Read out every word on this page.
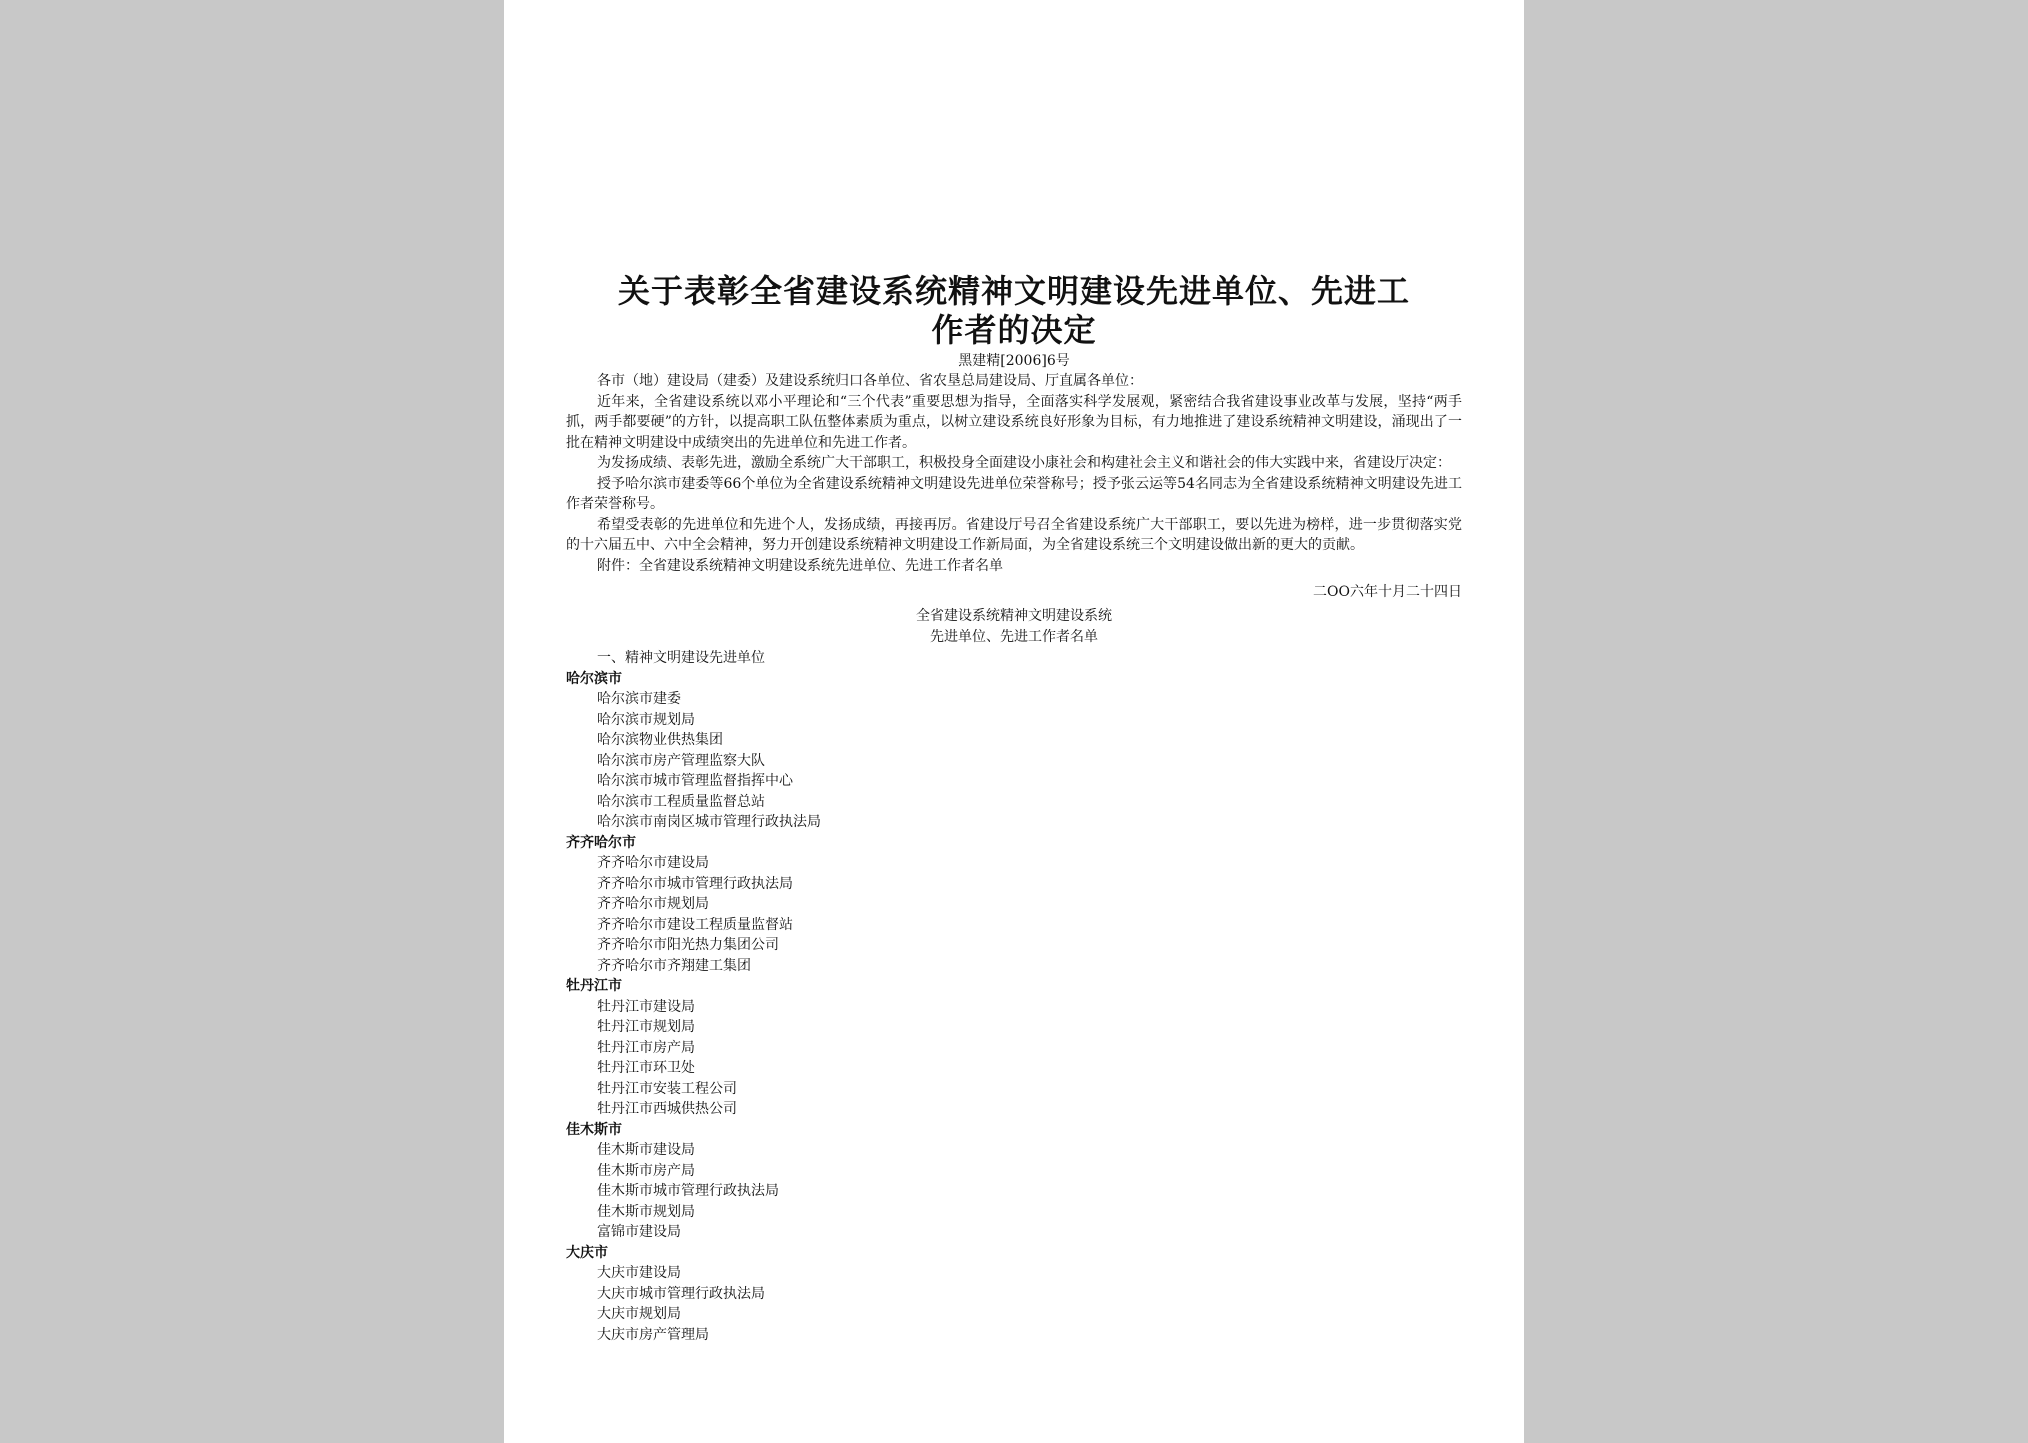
关于表彰全省建设系统精神文明建设先进单位、先进工
作者的决定
黑建精[2006]6号

各市（地）建设局（建委）及建设系统归口各单位、省农垦总局建设局、厅直属各单位：

近年来，全省建设系统以邓小平理论和“三个代表”重要思想为指导，全面落实科学发展观，紧密结合我省建设事业改革与发展，坚持“两手抓，两手都要硬”的方针，以提高职工队伍整体素质为重点，以树立建设系统良好形象为目标，有力地推进了建设系统精神文明建设，涌现出了一批在精神文明建设中成绩突出的先进单位和先进工作者。

为发扬成绩、表彰先进，激励全系统广大干部职工，积极投身全面建设小康社会和构建社会主义和谐社会的伟大实践中来，省建设厅决定：

授予哈尔滨市建委等66个单位为全省建设系统精神文明建设先进单位荣誉称号；授予张云运等54名同志为全省建设系统精神文明建设先进工作者荣誉称号。

希望受表彰的先进单位和先进个人，发扬成绩，再接再厉。省建设厅号召全省建设系统广大干部职工，要以先进为榜样，进一步贯彻落实党的十六届五中、六中全会精神，努力开创建设系统精神文明建设工作新局面，为全省建设系统三个文明建设做出新的更大的贡献。

附件：全省建设系统精神文明建设系统先进单位、先进工作者名单

二OO六年十月二十四日
全省建设系统精神文明建设系统
先进单位、先进工作者名单
一、精神文明建设先进单位
哈尔滨市
哈尔滨市建委
哈尔滨市规划局
哈尔滨物业供热集团
哈尔滨市房产管理监察大队
哈尔滨市城市管理监督指挥中心
哈尔滨市工程质量监督总站
哈尔滨市南岗区城市管理行政执法局
齐齐哈尔市
齐齐哈尔市建设局
齐齐哈尔市城市管理行政执法局
齐齐哈尔市规划局
齐齐哈尔市建设工程质量监督站
齐齐哈尔市阳光热力集团公司
齐齐哈尔市齐翔建工集团
牡丹江市
牡丹江市建设局
牡丹江市规划局
牡丹江市房产局
牡丹江市环卫处
牡丹江市安装工程公司
牡丹江市西城供热公司
佳木斯市
佳木斯市建设局
佳木斯市房产局
佳木斯市城市管理行政执法局
佳木斯市规划局
富锦市建设局
大庆市
大庆市建设局
大庆市城市管理行政执法局
大庆市规划局
大庆市房产管理局
